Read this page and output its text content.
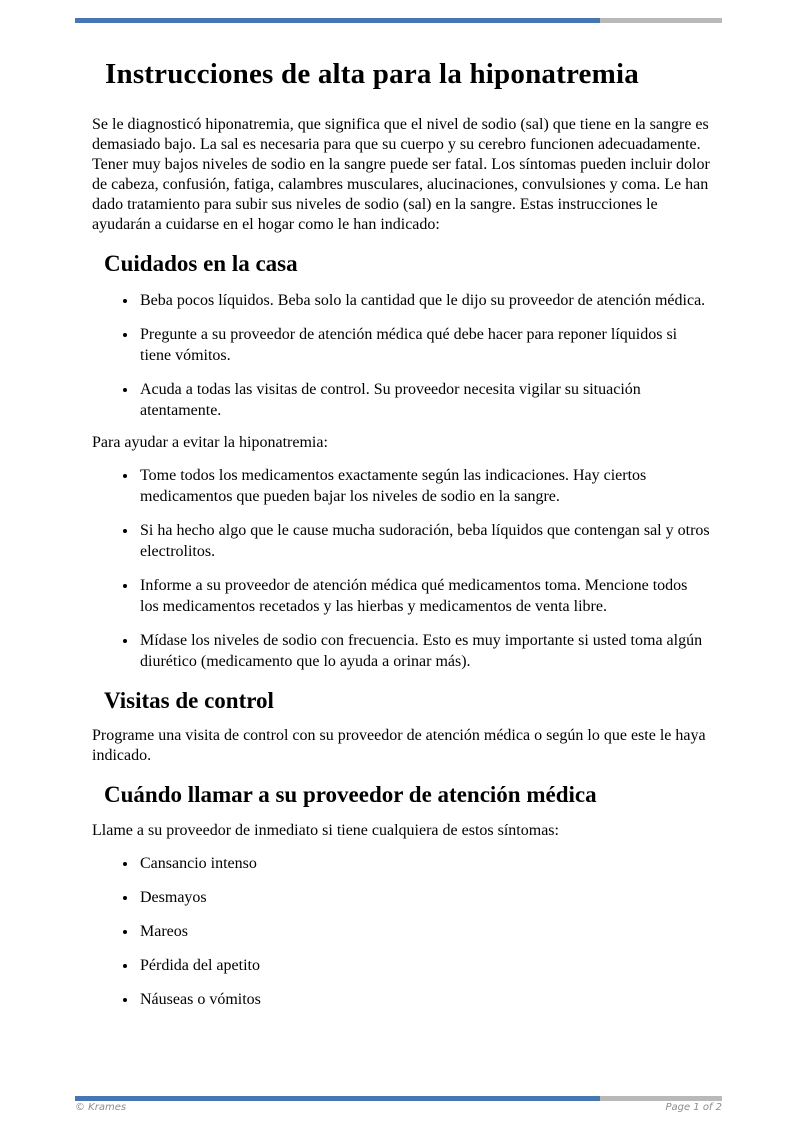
Instrucciones de alta para la hiponatremia

Se le diagnosticó hiponatremia, que significa que el nivel de sodio (sal) que tiene en la sangre es demasiado bajo. La sal es necesaria para que su cuerpo y su cerebro funcionen adecuadamente. Tener muy bajos niveles de sodio en la sangre puede ser fatal. Los síntomas pueden incluir dolor de cabeza, confusión, fatiga, calambres musculares, alucinaciones, convulsiones y coma. Le han dado tratamiento para subir sus niveles de sodio (sal) en la sangre. Estas instrucciones le ayudarán a cuidarse en el hogar como le han indicado:

Cuidados en la casa
• Beba pocos líquidos. Beba solo la cantidad que le dijo su proveedor de atención médica.
• Pregunte a su proveedor de atención médica qué debe hacer para reponer líquidos si tiene vómitos.
• Acuda a todas las visitas de control. Su proveedor necesita vigilar su situación atentamente.

Para ayudar a evitar la hiponatremia:

• Tome todos los medicamentos exactamente según las indicaciones. Hay ciertos medicamentos que pueden bajar los niveles de sodio en la sangre.
• Si ha hecho algo que le cause mucha sudoración, beba líquidos que contengan sal y otros electrolitos.
• Informe a su proveedor de atención médica qué medicamentos toma. Mencione todos los medicamentos recetados y las hierbas y medicamentos de venta libre.
• Mídase los niveles de sodio con frecuencia. Esto es muy importante si usted toma algún diurético (medicamento que lo ayuda a orinar más).
Visitas de control

Programe una visita de control con su proveedor de atención médica o según lo que este le haya indicado.

Cuándo llamar a su proveedor de atención médica

Llame a su proveedor de inmediato si tiene cualquiera de estos síntomas:

• Cansancio intenso
• Desmayos
• Mareos
• Pérdida del apetito
• Náuseas o vómitos
© Krames	Page 1 of 2
